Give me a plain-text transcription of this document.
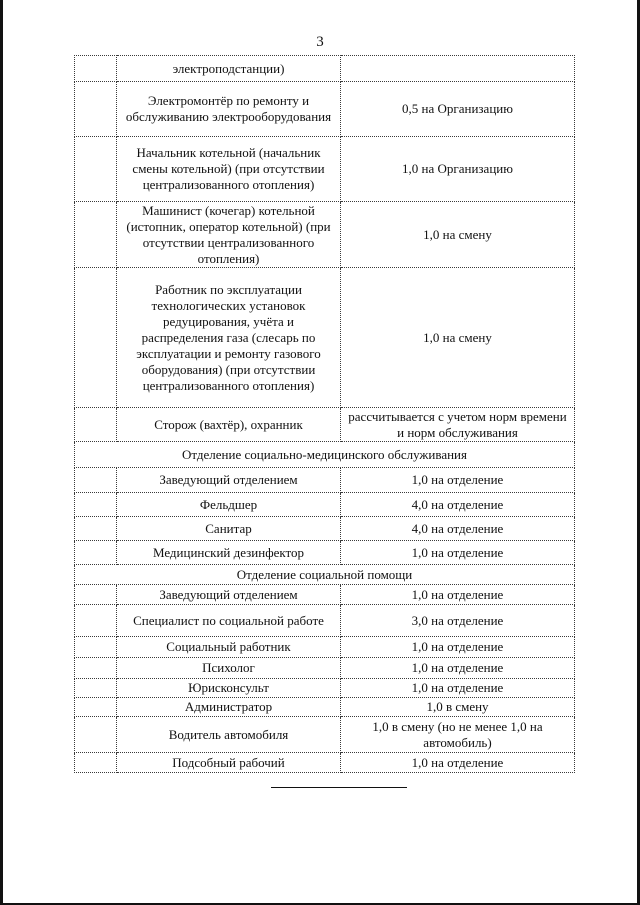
3
	электроподстанции)	
	Электромонтёр по ремонту и обслуживанию электрооборудования	0,5 на Организацию
	Начальник котельной (начальник смены котельной) (при отсутствии централизованного отопления)	1,0 на Организацию
	Машинист (кочегар) котельной (истопник, оператор котельной) (при отсутствии централизованного отопления)	1,0 на смену
	Работник по эксплуатации технологических установок редуцирования, учёта и распределения газа (слесарь по эксплуатации и ремонту газового оборудования) (при отсутствии централизованного отопления)	1,0 на смену
	Сторож (вахтёр), охранник	рассчитывается с учетом норм времени и норм обслуживания
Отделение социально-медицинского обслуживания		
	Заведующий отделением	1,0 на отделение
	Фельдшер	4,0 на отделение
	Санитар	4,0 на отделение
	Медицинский дезинфектор	1,0 на отделение
Отделение социальной помощи		
	Заведующий отделением	1,0 на отделение
	Специалист по социальной работе	3,0 на отделение
	Социальный работник	1,0 на отделение
	Психолог	1,0 на отделение
	Юрисконсульт	1,0 на отделение
	Администратор	1,0 в смену
	Водитель автомобиля	1,0 в смену (но не менее 1,0 на автомобиль)
	Подсобный рабочий	1,0 на отделение
